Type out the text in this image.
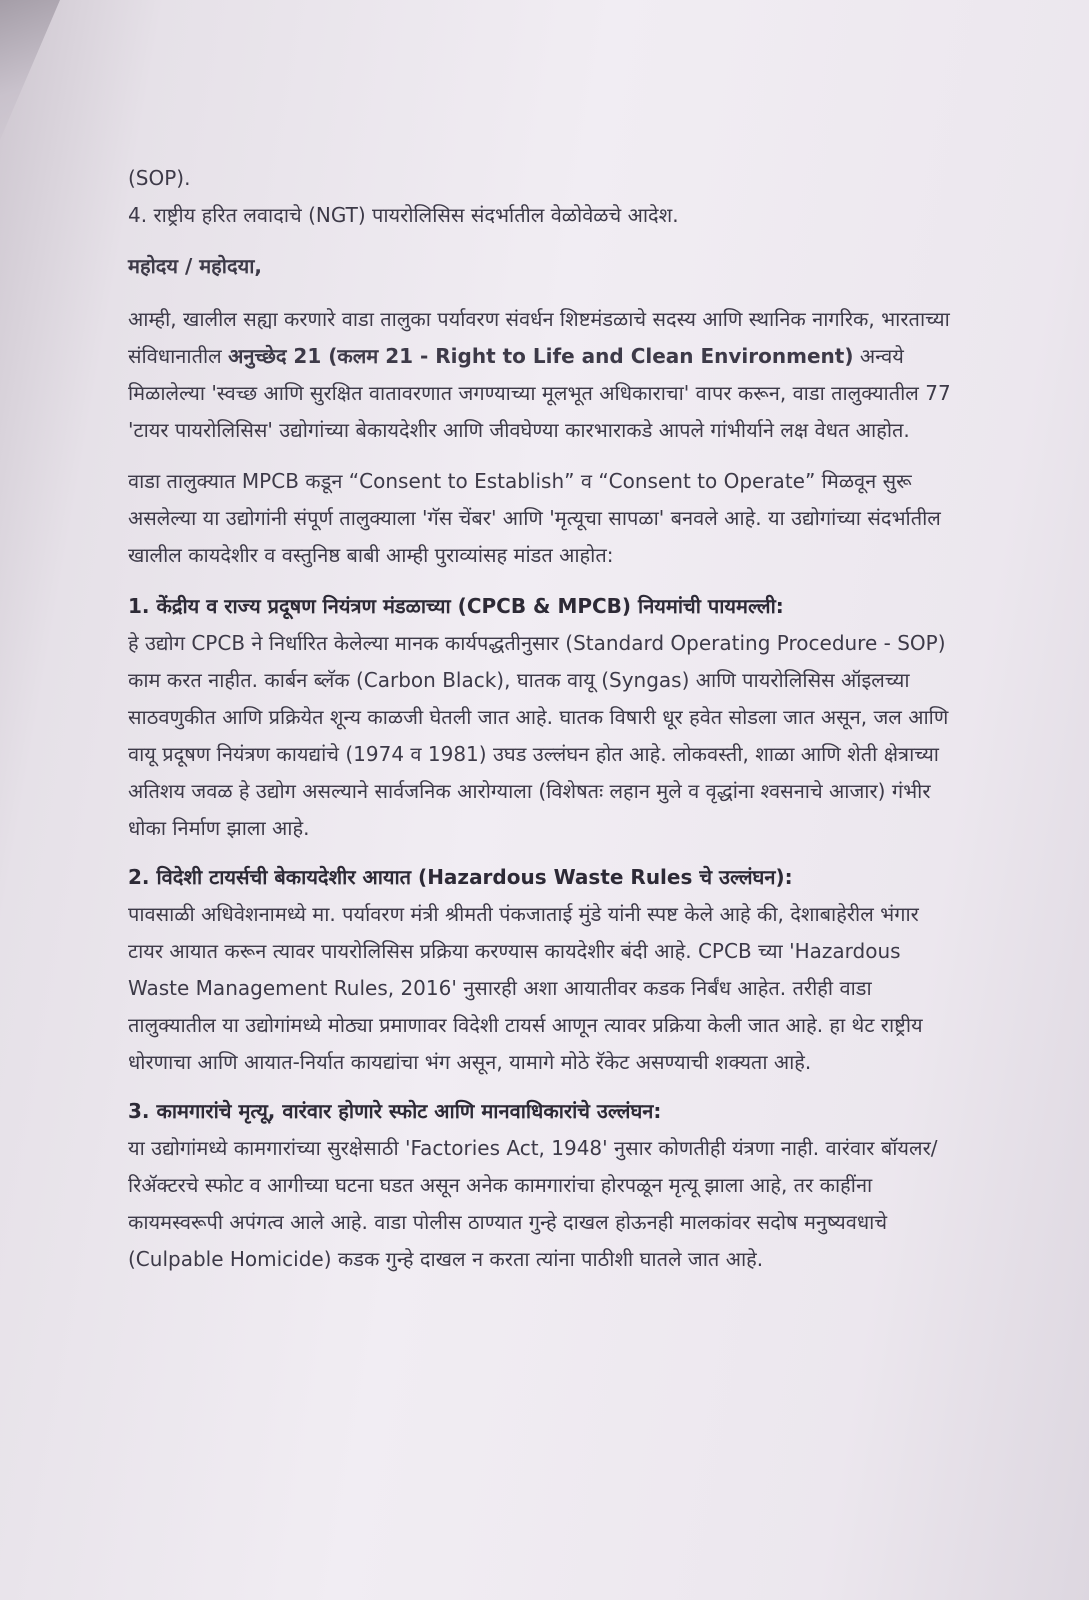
(SOP).

4. राष्ट्रीय हरित लवादाचे (NGT) पायरोलिसिस संदर्भातील वेळोवेळचे आदेश.

महोदय / महोदया,

आम्ही, खालील सह्या करणारे वाडा तालुका पर्यावरण संवर्धन शिष्टमंडळाचे सदस्य आणि स्थानिक नागरिक, भारताच्या संविधानातील अनुच्छेद 21 (कलम 21 - Right to Life and Clean Environment) अन्वये मिळालेल्या 'स्वच्छ आणि सुरक्षित वातावरणात जगण्याच्या मूलभूत अधिकाराचा' वापर करून, वाडा तालुक्यातील 77 'टायर पायरोलिसिस' उद्योगांच्या बेकायदेशीर आणि जीवघेण्या कारभाराकडे आपले गांभीर्याने लक्ष वेधत आहोत.

वाडा तालुक्यात MPCB कडून “Consent to Establish” व “Consent to Operate” मिळवून सुरू असलेल्या या उद्योगांनी संपूर्ण तालुक्याला 'गॅस चेंबर' आणि 'मृत्यूचा सापळा' बनवले आहे. या उद्योगांच्या संदर्भातील खालील कायदेशीर व वस्तुनिष्ठ बाबी आम्ही पुराव्यांसह मांडत आहोत:

1. केंद्रीय व राज्य प्रदूषण नियंत्रण मंडळाच्या (CPCB & MPCB) नियमांची पायमल्ली:

हे उद्योग CPCB ने निर्धारित केलेल्या मानक कार्यपद्धतीनुसार (Standard Operating Procedure - SOP) काम करत नाहीत. कार्बन ब्लॅक (Carbon Black), घातक वायू (Syngas) आणि पायरोलिसिस ऑइलच्या साठवणुकीत आणि प्रक्रियेत शून्य काळजी घेतली जात आहे. घातक विषारी धूर हवेत सोडला जात असून, जल आणि वायू प्रदूषण नियंत्रण कायद्यांचे (1974 व 1981) उघड उल्लंघन होत आहे. लोकवस्ती, शाळा आणि शेती क्षेत्राच्या अतिशय जवळ हे उद्योग असल्याने सार्वजनिक आरोग्याला (विशेषतः लहान मुले व वृद्धांना श्वसनाचे आजार) गंभीर धोका निर्माण झाला आहे.

2. विदेशी टायर्सची बेकायदेशीर आयात (Hazardous Waste Rules चे उल्लंघन):

पावसाळी अधिवेशनामध्ये मा. पर्यावरण मंत्री श्रीमती पंकजाताई मुंडे यांनी स्पष्ट केले आहे की, देशाबाहेरील भंगार टायर आयात करून त्यावर पायरोलिसिस प्रक्रिया करण्यास कायदेशीर बंदी आहे. CPCB च्या 'Hazardous Waste Management Rules, 2016' नुसारही अशा आयातीवर कडक निर्बंध आहेत. तरीही वाडा तालुक्यातील या उद्योगांमध्ये मोठ्या प्रमाणावर विदेशी टायर्स आणून त्यावर प्रक्रिया केली जात आहे. हा थेट राष्ट्रीय धोरणाचा आणि आयात-निर्यात कायद्यांचा भंग असून, यामागे मोठे रॅकेट असण्याची शक्यता आहे.

3. कामगारांचे मृत्यू, वारंवार होणारे स्फोट आणि मानवाधिकारांचे उल्लंघन:

या उद्योगांमध्ये कामगारांच्या सुरक्षेसाठी 'Factories Act, 1948' नुसार कोणतीही यंत्रणा नाही. वारंवार बॉयलर/रिॲक्टरचे स्फोट व आगीच्या घटना घडत असून अनेक कामगारांचा होरपळून मृत्यू झाला आहे, तर काहींना कायमस्वरूपी अपंगत्व आले आहे. वाडा पोलीस ठाण्यात गुन्हे दाखल होऊनही मालकांवर सदोष मनुष्यवधाचे (Culpable Homicide) कडक गुन्हे दाखल न करता त्यांना पाठीशी घातले जात आहे.
